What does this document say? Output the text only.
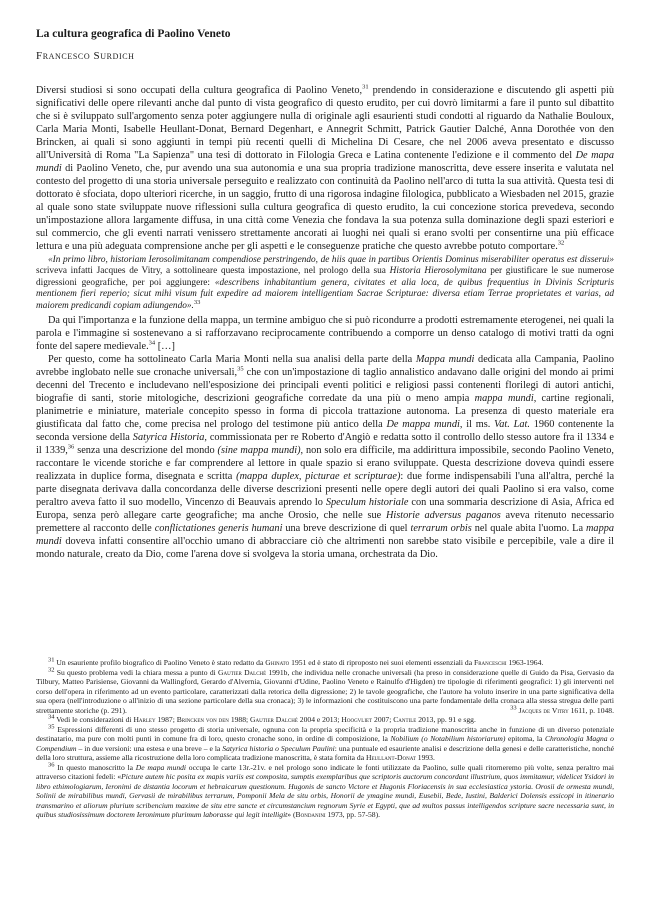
La cultura geografica di Paolino Veneto

Francesco Surdich

Diversi studiosi si sono occupati della cultura geografica di Paolino Veneto,$^{31}$ prendendo in considerazione e discutendo gli aspetti più significativi delle opere rilevanti anche dal punto di vista geografico di questo erudito, per cui dovrò limitarmi a fare il punto sul dibattito che si è sviluppato sull'argomento senza poter aggiungere nulla di originale agli esaurienti studi condotti al riguardo da Nathalie Bouloux, Carla Maria Monti, Isabelle Heullant-Donat, Bernard Degenhart, e Annegrit Schmitt, Patrick Gautier Dalché, Anna Dorothée von den Brincken, ai quali si sono aggiunti in tempi più recenti quelli di Michelina Di Cesare, che nel 2006 aveva presentato e discusso all'Università di Roma "La Sapienza" una tesi di dottorato in Filologia Greca e Latina contenente l'edizione e il commento del De mapa mundi di Paolino Veneto, che, pur avendo una sua autonomia e una sua propria tradizione manoscritta, deve essere inserita e valutata nel contesto del progetto di una storia universale perseguito e realizzato con continuità da Paolino nell'arco di tutta la sua attività. Questa tesi di dottorato è sfociata, dopo ulteriori ricerche, in un saggio, frutto di una rigorosa indagine filologica, pubblicato a Wiesbaden nel 2015, grazie al quale sono state sviluppate nuove riflessioni sulla cultura geografica di questo erudito, la cui concezione storica prevedeva, secondo un'impostazione allora largamente diffusa, in una città come Venezia che fondava la sua potenza sulla dominazione degli spazi esteriori e sul commercio, che gli eventi narrati venissero strettamente ancorati ai luoghi nei quali si erano svolti per consentirne una più efficace lettura e una più adeguata comprensione anche per gli aspetti e le conseguenze pratiche che questo avrebbe potuto comportare.$^{32}$

«In primo libro, historiam Ierosolimitanam compendiose perstringendo, de hiis quae in partibus Orientis Dominus miserabiliter operatus est disserui» scriveva infatti Jacques de Vitry, a sottolineare questa impostazione, nel prologo della sua Historia Hierosolymitana per giustificare le sue numerose digressioni geografiche, per poi aggiungere: «describens inhabitantium genera, civitates et alia loca, de quibus frequentius in Divinis Scripturis mentionem fieri reperio; sicut mihi visum fuit expedire ad maiorem intelligentiam Sacrae Scripturae: diversa etiam Terrae proprietates et varias, ad maiorem predicandi copiam adiungendo».$^{33}$

Da qui l'importanza e la funzione della mappa, un termine ambiguo che si può ricondurre a prodotti estremamente eterogenei, nei quali la parola e l'immagine si sostenevano a si rafforzavano reciprocamente contribuendo a comporre un denso catalogo di motivi tratti da ogni fonte del sapere medievale.$^{34}$ […]

Per questo, come ha sottolineato Carla Maria Monti nella sua analisi della parte della Mappa mundi dedicata alla Campania, Paolino avrebbe inglobato nelle sue cronache universali,$^{35}$ che con un'impostazione di taglio annalistico andavano dalle origini del mondo ai primi decenni del Trecento e includevano nell'esposizione dei principali eventi politici e religiosi passi contenenti florilegi di autori antichi, biografie di santi, storie mitologiche, descrizioni geografiche corredate da una più o meno ampia mappa mundi, cartine regionali, planimetrie e miniature, materiale concepito spesso in forma di piccola trattazione autonoma. La presenza di questo materiale era giustificata dal fatto che, come precisa nel prologo del testimone più antico della De mappa mundi, il ms. Vat. Lat. 1960 contenente la seconda versione della Satyrica Historia, commissionata per re Roberto d'Angiò e redatta sotto il controllo dello stesso autore fra il 1334 e il 1339,36 senza una descrizione del mondo (sine mappa mundi), non solo era difficile, ma addirittura impossibile, secondo Paolino Veneto, raccontare le vicende storiche e far comprendere al lettore in quale spazio si erano sviluppate. Questa descrizione doveva quindi essere realizzata in duplice forma, disegnata e scritta (mappa duplex, picturae et scripturae): due forme indispensabili l'una all'altra, perché la parte disegnata derivava dalla concordanza delle diverse descrizioni presenti nelle opere degli autori dei quali Paolino si era valso, come peraltro aveva fatto il suo modello, Vincenzo di Beauvais aprendo lo Speculum historiale con una sommaria descrizione di Asia, Africa ed Europa, senza però allegare carte geografiche; ma anche Orosio, che nelle sue Historie adversus paganos aveva ritenuto necessario premettere al racconto delle conflictationes generis humani una breve descrizione di quel terrarum orbis nel quale abita l'uomo. La mappa mundi doveva infatti consentire all'occhio umano di abbracciare ciò che altrimenti non sarebbe stato visibile e percepibile, vale a dire il mondo naturale, creato da Dio, come l'arena dove si svolgeva la storia umana, orchestrata da Dio.

$^{31}$ Un esauriente profilo biografico di Paolino Veneto è stato redatto da Ghinato 1951 ed è stato di riproposto nei suoi elementi essenziali da Franceschi 1963-1964.

$^{32}$ Su questo problema vedi la chiara messa a punto di Gautier Dalché 1991b, che individua nelle cronache universali (ha preso in considerazione quelle di Guido da Pisa, Gervasio da Tilbury, Matteo Parisiense, Giovanni da Wallingford, Gerardo d'Alvernia, Giovanni d'Udine, Paolino Veneto e Rainulfo d'Higden) tre tipologie di riferimenti geografici: 1) gli interventi nel corso dell'opera in riferimento ad un evento particolare, caratterizzati dalla retorica della digressione; 2) le tavole geografiche, che l'autore ha voluto inserire in una parte significativa della sua opera (nell'introduzione o all'inizio di una sezione particolare della sua cronaca); 3) le informazioni che costituiscono una parte fondamentale della cronaca alla stessa stregua delle parti strettamente storiche (p. 291).	$^{33}$ Jacques de Vitry 1611, p. 1048.

$^{34}$ Vedi le considerazioni di Harley 1987; Brincken von den 1988; Gautier Dalché 2004 e 2013; Hoogvliet 2007; Cantile 2013, pp. 91 e sgg.

$^{35}$ Espressioni differenti di uno stesso progetto di storia universale, ognuna con la propria specificità e la propria tradizione manoscritta anche in funzione di un diverso potenziale destinatario, ma pure con molti punti in comune fra di loro, questo cronache sono, in ordine di composizione, la Nobilium (o Notabilium historiarum) epitoma, la Chronologia Magna o Compendium – in due versioni: una estesa e una breve – e la Satyrica historia o Speculum Paulini: una puntuale ed esauriente analisi e descrizione della genesi e delle caratteristiche, nonché della loro struttura, assieme alla ricostruzione della loro complicata tradizione manoscritta, è stata fornita da Heullant-Donat 1993.

$^{36}$ In questo manoscritto la De mapa mundi occupa le carte 13r.-21v. e nel prologo sono indicate le fonti utilizzate da Paolino, sulle quali ritorneremo più volte, senza peraltro mai attraverso citazioni fedeli: «Picture autem hic posita ex mapis variis est composita, sumptis exemplaribus que scriptoris auctorum concordant illustrium, quos immitamur, videlicet Ysidori in libro ethimologiarum, Ieronimi de distantia locorum et hebraicarum questionum. Hugonis de sancto Victore et Hugonis Floriacensis in sua ecclesiastica ystoria. Orosii de ormesta mundi, Solinii de mirabilibus mundi, Gervasii de mirabilibus terrarum, Pomponii Mela de situ orbis, Honorii de ymagine mundi, Eusebii, Bede, Iustini, Balderici Dolensis essicopi in itinerario transmarino et aliorum plurium scribencium maxime de situ etre sancte et circumstancium regnorum Syrie et Egypti, que ad multos passus intelligendos scripture sacre necessaria sunt, in quibus studiosissimum doctorem Ieronimum plurimum laborasse qui legit intelligit» (Bondanini 1973, pp. 57-58).
